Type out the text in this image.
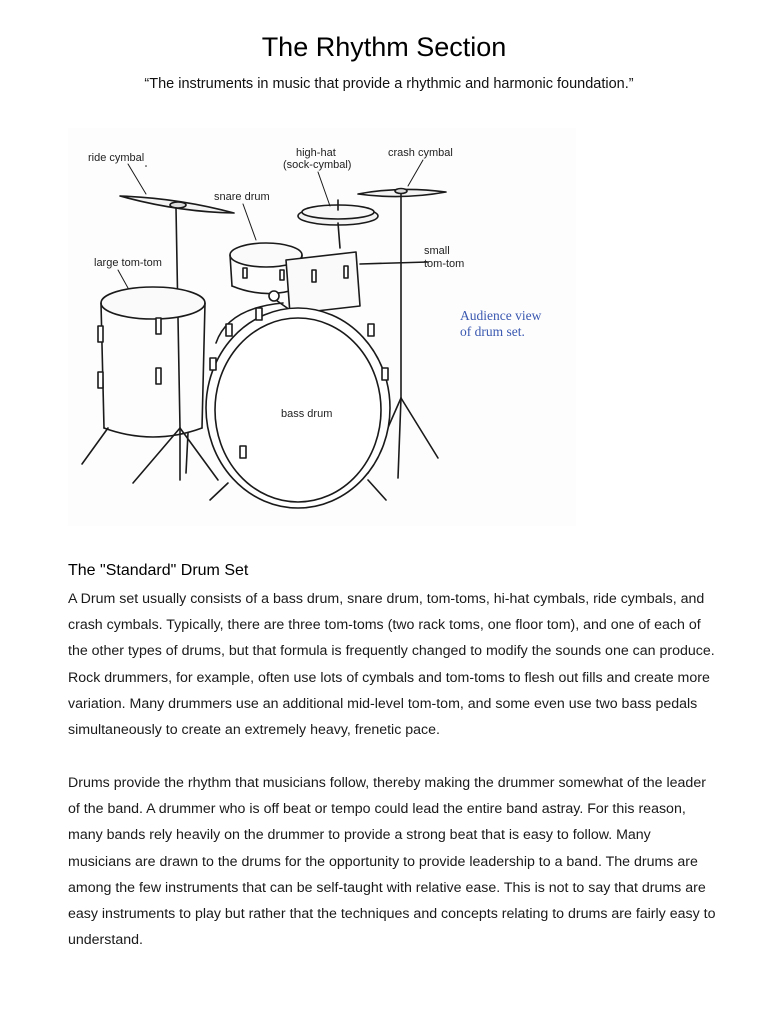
The Rhythm Section

“The instruments in music that provide a rhythmic and harmonic foundation.”

ride cymbal	high-hat
(sock-cymbal)
crash cymbal
snare drum
large tom-tom
small
tom-tom
bass drum
Audience view
of drum set.
The "Standard" Drum Set

A Drum set usually consists of a bass drum, snare drum, tom-toms, hi-hat cymbals, ride cymbals, and crash cymbals. Typically, there are three tom-toms (two rack toms, one floor tom), and one of each of the other types of drums, but that formula is frequently changed to modify the sounds one can produce. Rock drummers, for example, often use lots of cymbals and tom-toms to flesh out fills and create more variation. Many drummers use an additional mid-level tom-tom, and some even use two bass pedals simultaneously to create an extremely heavy, frenetic pace.

Drums provide the rhythm that musicians follow, thereby making the drummer somewhat of the leader of the band. A drummer who is off beat or tempo could lead the entire band astray. For this reason, many bands rely heavily on the drummer to provide a strong beat that is easy to follow. Many musicians are drawn to the drums for the opportunity to provide leadership to a band. The drums are among the few instruments that can be self-taught with relative ease. This is not to say that drums are easy instruments to play but rather that the techniques and concepts relating to drums are fairly easy to understand.
